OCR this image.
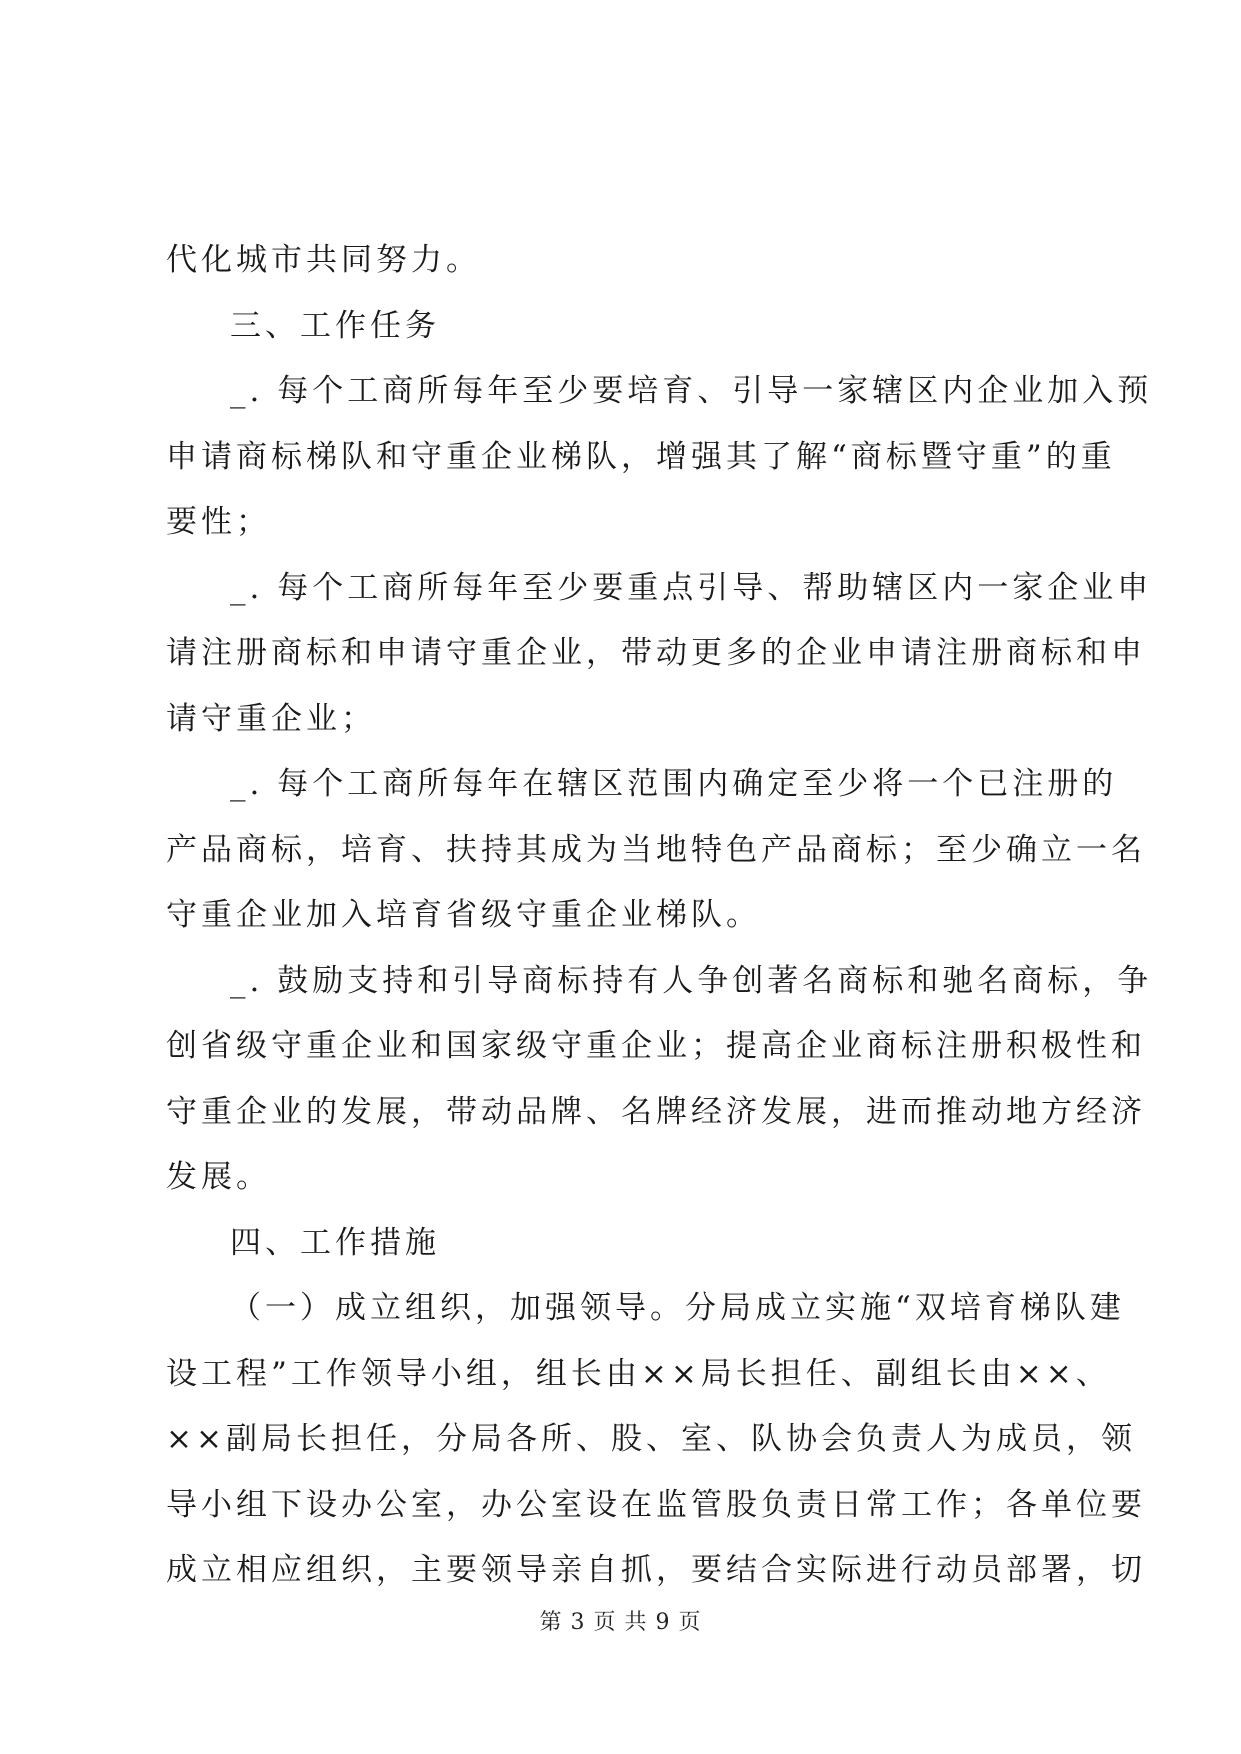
代化城市共同努力。
三、工作任务
_. 每个工商所每年至少要培育、引导一家辖区内企业加入预
申请商标梯队和守重企业梯队，增强其了解“商标暨守重”的重
要性；
_. 每个工商所每年至少要重点引导、帮助辖区内一家企业申
请注册商标和申请守重企业，带动更多的企业申请注册商标和申
请守重企业；
_. 每个工商所每年在辖区范围内确定至少将一个已注册的
产品商标，培育、扶持其成为当地特色产品商标；至少确立一名
守重企业加入培育省级守重企业梯队。
_. 鼓励支持和引导商标持有人争创著名商标和驰名商标，争
创省级守重企业和国家级守重企业；提高企业商标注册积极性和
守重企业的发展，带动品牌、名牌经济发展，进而推动地方经济
发展。
四、工作措施
（一）成立组织，加强领导。分局成立实施“双培育梯队建
设工程”工作领导小组，组长由××局长担任、副组长由××、
××副局长担任，分局各所、股、室、队协会负责人为成员，领
导小组下设办公室，办公室设在监管股负责日常工作；各单位要
成立相应组织，主要领导亲自抓，要结合实际进行动员部署，切
第 3 页 共 9 页
